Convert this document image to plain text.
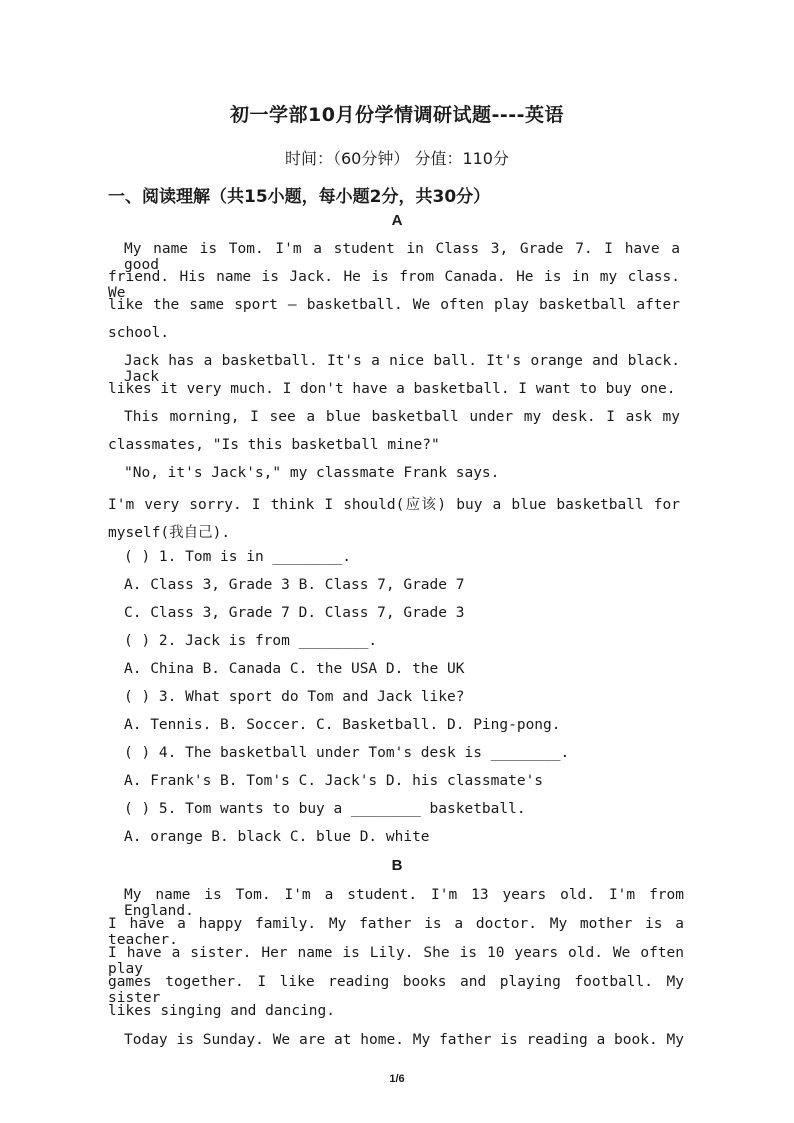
初一学部10月份学情调研试题----英语
时间：（60分钟） 分值：110分
一、阅读理解（共15小题，每小题2分，共30分）
A
My name is Tom. I'm a student in Class 3, Grade 7. I have a good
friend. His name is Jack. He is from Canada. He is in my class. We
like the same sport — basketball. We often play basketball after
school.
Jack has a basketball. It's a nice ball. It's orange and black. Jack
likes it very much. I don't have a basketball. I want to buy one.
This morning, I see a blue basketball under my desk. I ask my
classmates, "Is this basketball mine?"
"No, it's Jack's," my classmate Frank says.
I'm very sorry. I think I should(应该) buy a blue basketball for
myself(我自己).
( ) 1. Tom is in ________.
A. Class 3, Grade 3 B. Class 7, Grade 7
C. Class 3, Grade 7 D. Class 7, Grade 3
( ) 2. Jack is from ________.
A. China B. Canada C. the USA D. the UK
( ) 3. What sport do Tom and Jack like?
A. Tennis. B. Soccer. C. Basketball. D. Ping-pong.
( ) 4. The basketball under Tom's desk is ________.
A. Frank's B. Tom's C. Jack's D. his classmate's
( ) 5. Tom wants to buy a ________ basketball.
A. orange B. black C. blue D. white
B
My name is Tom. I'm a student. I'm 13 years old. I'm from England.
I have a happy family. My father is a doctor. My mother is a teacher.
I have a sister. Her name is Lily. She is 10 years old. We often play
games together. I like reading books and playing football. My sister
likes singing and dancing.
Today is Sunday. We are at home. My father is reading a book. My
1/6
